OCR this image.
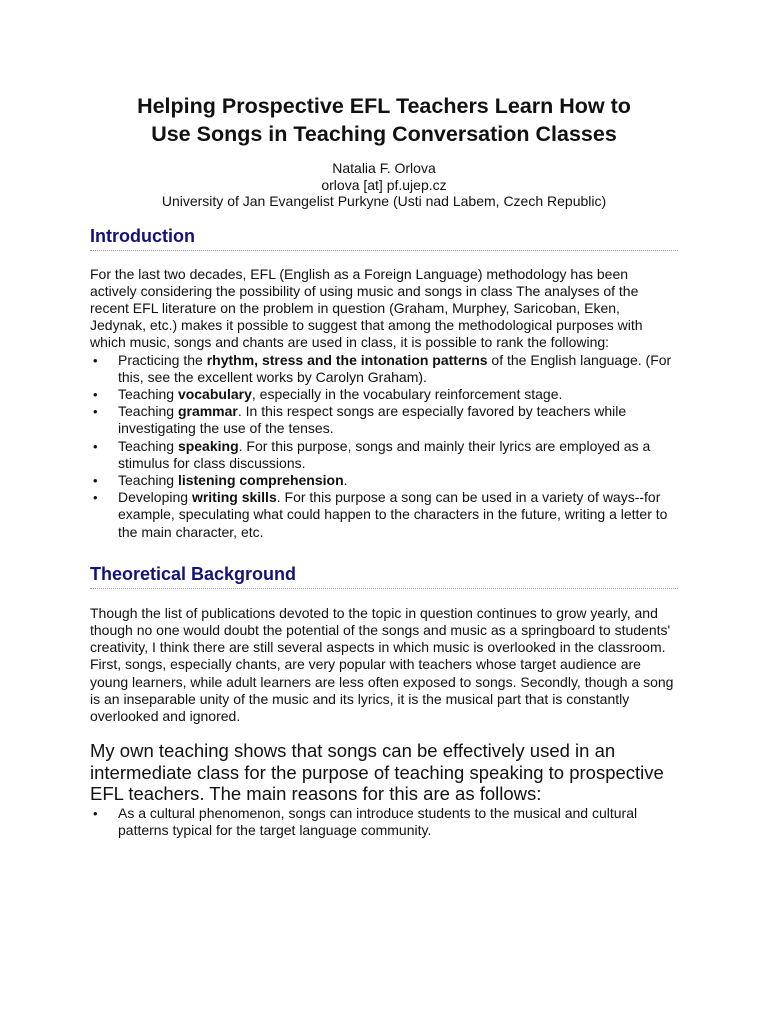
Helping Prospective EFL Teachers Learn How to
Use Songs in Teaching Conversation Classes
Natalia F. Orlova
orlova [at] pf.ujep.cz
University of Jan Evangelist Purkyne (Usti nad Labem, Czech Republic)
Introduction

For the last two decades, EFL (English as a Foreign Language) methodology has been actively considering the possibility of using music and songs in class The analyses of the recent EFL literature on the problem in question (Graham, Murphey, Saricoban, Eken, Jedynak, etc.) makes it possible to suggest that among the methodological purposes with which music, songs and chants are used in class, it is possible to rank the following:

• Practicing the rhythm, stress and the intonation patterns of the English language. (For this, see the excellent works by Carolyn Graham).
• Teaching vocabulary, especially in the vocabulary reinforcement stage.
• Teaching grammar. In this respect songs are especially favored by teachers while investigating the use of the tenses.
• Teaching speaking. For this purpose, songs and mainly their lyrics are employed as a stimulus for class discussions.
• Teaching listening comprehension.
• Developing writing skills. For this purpose a song can be used in a variety of ways--for example, speculating what could happen to the characters in the future, writing a letter to the main character, etc.
Theoretical Background

Though the list of publications devoted to the topic in question continues to grow yearly, and though no one would doubt the potential of the songs and music as a springboard to students' creativity, I think there are still several aspects in which music is overlooked in the classroom. First, songs, especially chants, are very popular with teachers whose target audience are young learners, while adult learners are less often exposed to songs. Secondly, though a song is an inseparable unity of the music and its lyrics, it is the musical part that is constantly overlooked and ignored.

My own teaching shows that songs can be effectively used in an intermediate class for the purpose of teaching speaking to prospective EFL teachers. The main reasons for this are as follows:

• As a cultural phenomenon, songs can introduce students to the musical and cultural patterns typical for the target language community.
